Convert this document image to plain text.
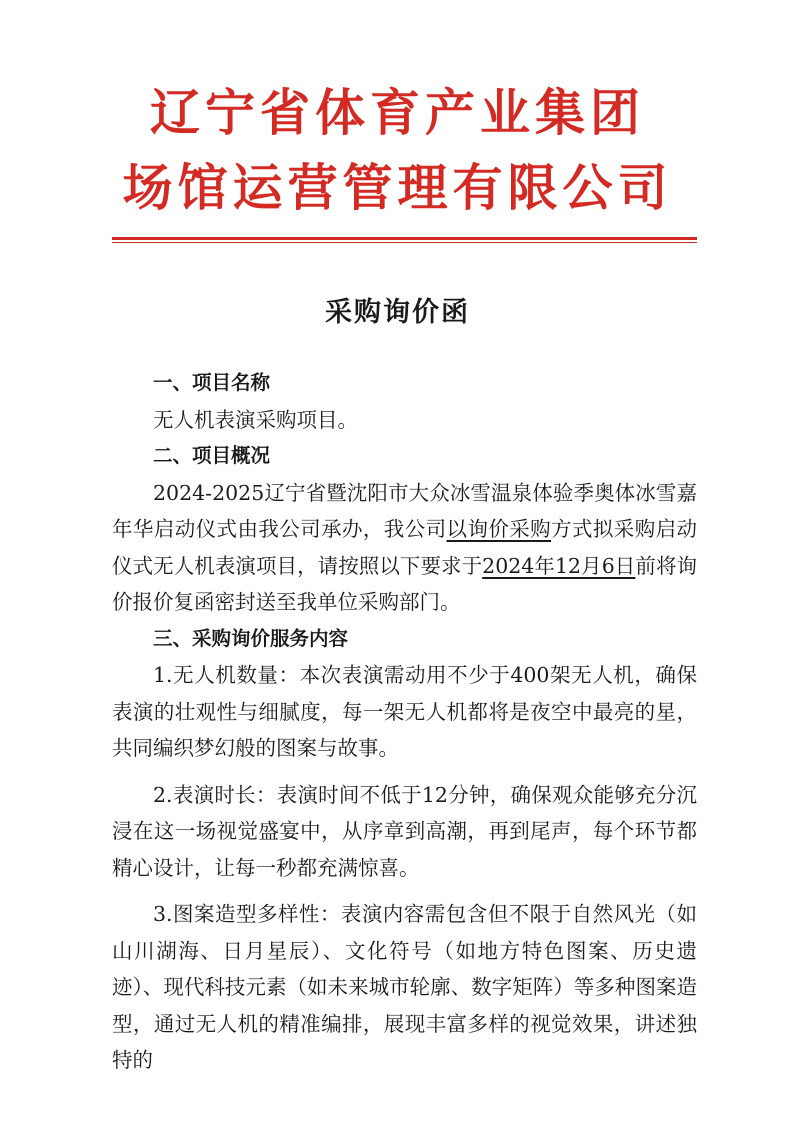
辽宁省体育产业集团
场馆运营管理有限公司
采购询价函
一、项目名称

无人机表演采购项目。

二、项目概况

2024-2025辽宁省暨沈阳市大众冰雪温泉体验季奥体冰雪嘉年华启动仪式由我公司承办，我公司以询价采购方式拟采购启动仪式无人机表演项目，请按照以下要求于2024年12月6日前将询价报价复函密封送至我单位采购部门。

三、采购询价服务内容

1.无人机数量：本次表演需动用不少于400架无人机，确保表演的壮观性与细腻度，每一架无人机都将是夜空中最亮的星，共同编织梦幻般的图案与故事。

2.表演时长：表演时间不低于12分钟，确保观众能够充分沉浸在这一场视觉盛宴中，从序章到高潮，再到尾声，每个环节都精心设计，让每一秒都充满惊喜。

3.图案造型多样性：表演内容需包含但不限于自然风光（如山川湖海、日月星辰）、文化符号（如地方特色图案、历史遗迹）、现代科技元素（如未来城市轮廓、数字矩阵）等多种图案造型，通过无人机的精准编排，展现丰富多样的视觉效果，讲述独特的
